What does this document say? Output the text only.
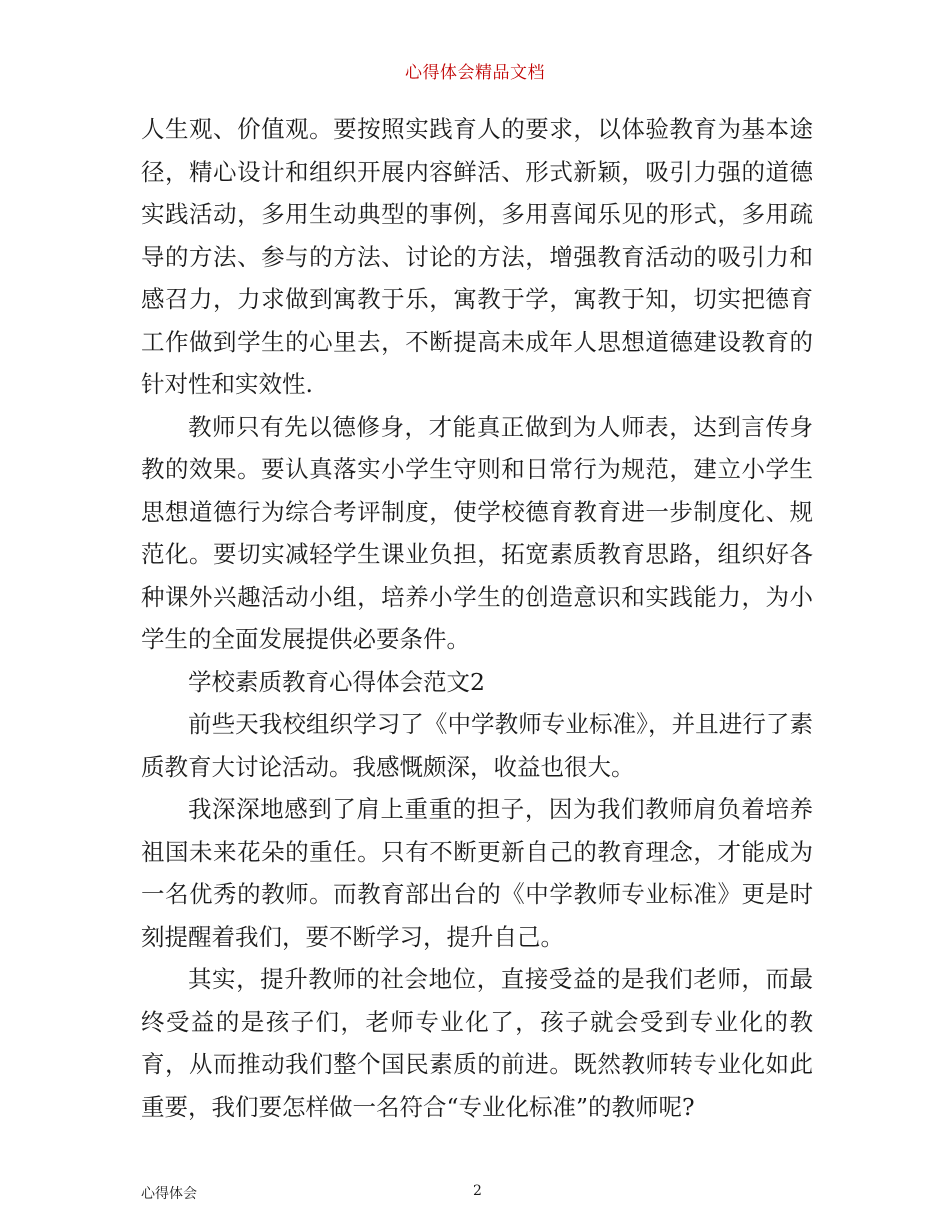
心得体会精品文档

人生观、价值观。要按照实践育人的要求，以体验教育为基本途径，精心设计和组织开展内容鲜活、形式新颖，吸引力强的道德实践活动，多用生动典型的事例，多用喜闻乐见的形式，多用疏导的方法、参与的方法、讨论的方法，增强教育活动的吸引力和感召力，力求做到寓教于乐，寓教于学，寓教于知，切实把德育工作做到学生的心里去，不断提高未成年人思想道德建设教育的针对性和实效性.

教师只有先以德修身，才能真正做到为人师表，达到言传身教的效果。要认真落实小学生守则和日常行为规范，建立小学生思想道德行为综合考评制度，使学校德育教育进一步制度化、规范化。要切实减轻学生课业负担，拓宽素质教育思路，组织好各种课外兴趣活动小组，培养小学生的创造意识和实践能力，为小学生的全面发展提供必要条件。

学校素质教育心得体会范文2

前些天我校组织学习了《中学教师专业标准》，并且进行了素质教育大讨论活动。我感慨颇深，收益也很大。

我深深地感到了肩上重重的担子，因为我们教师肩负着培养祖国未来花朵的重任。只有不断更新自己的教育理念，才能成为一名优秀的教师。而教育部出台的《中学教师专业标准》更是时刻提醒着我们，要不断学习，提升自己。

其实，提升教师的社会地位，直接受益的是我们老师，而最终受益的是孩子们，老师专业化了，孩子就会受到专业化的教育，从而推动我们整个国民素质的前进。既然教师转专业化如此重要，我们要怎样做一名符合“专业化标准”的教师呢?

心得体会	2
